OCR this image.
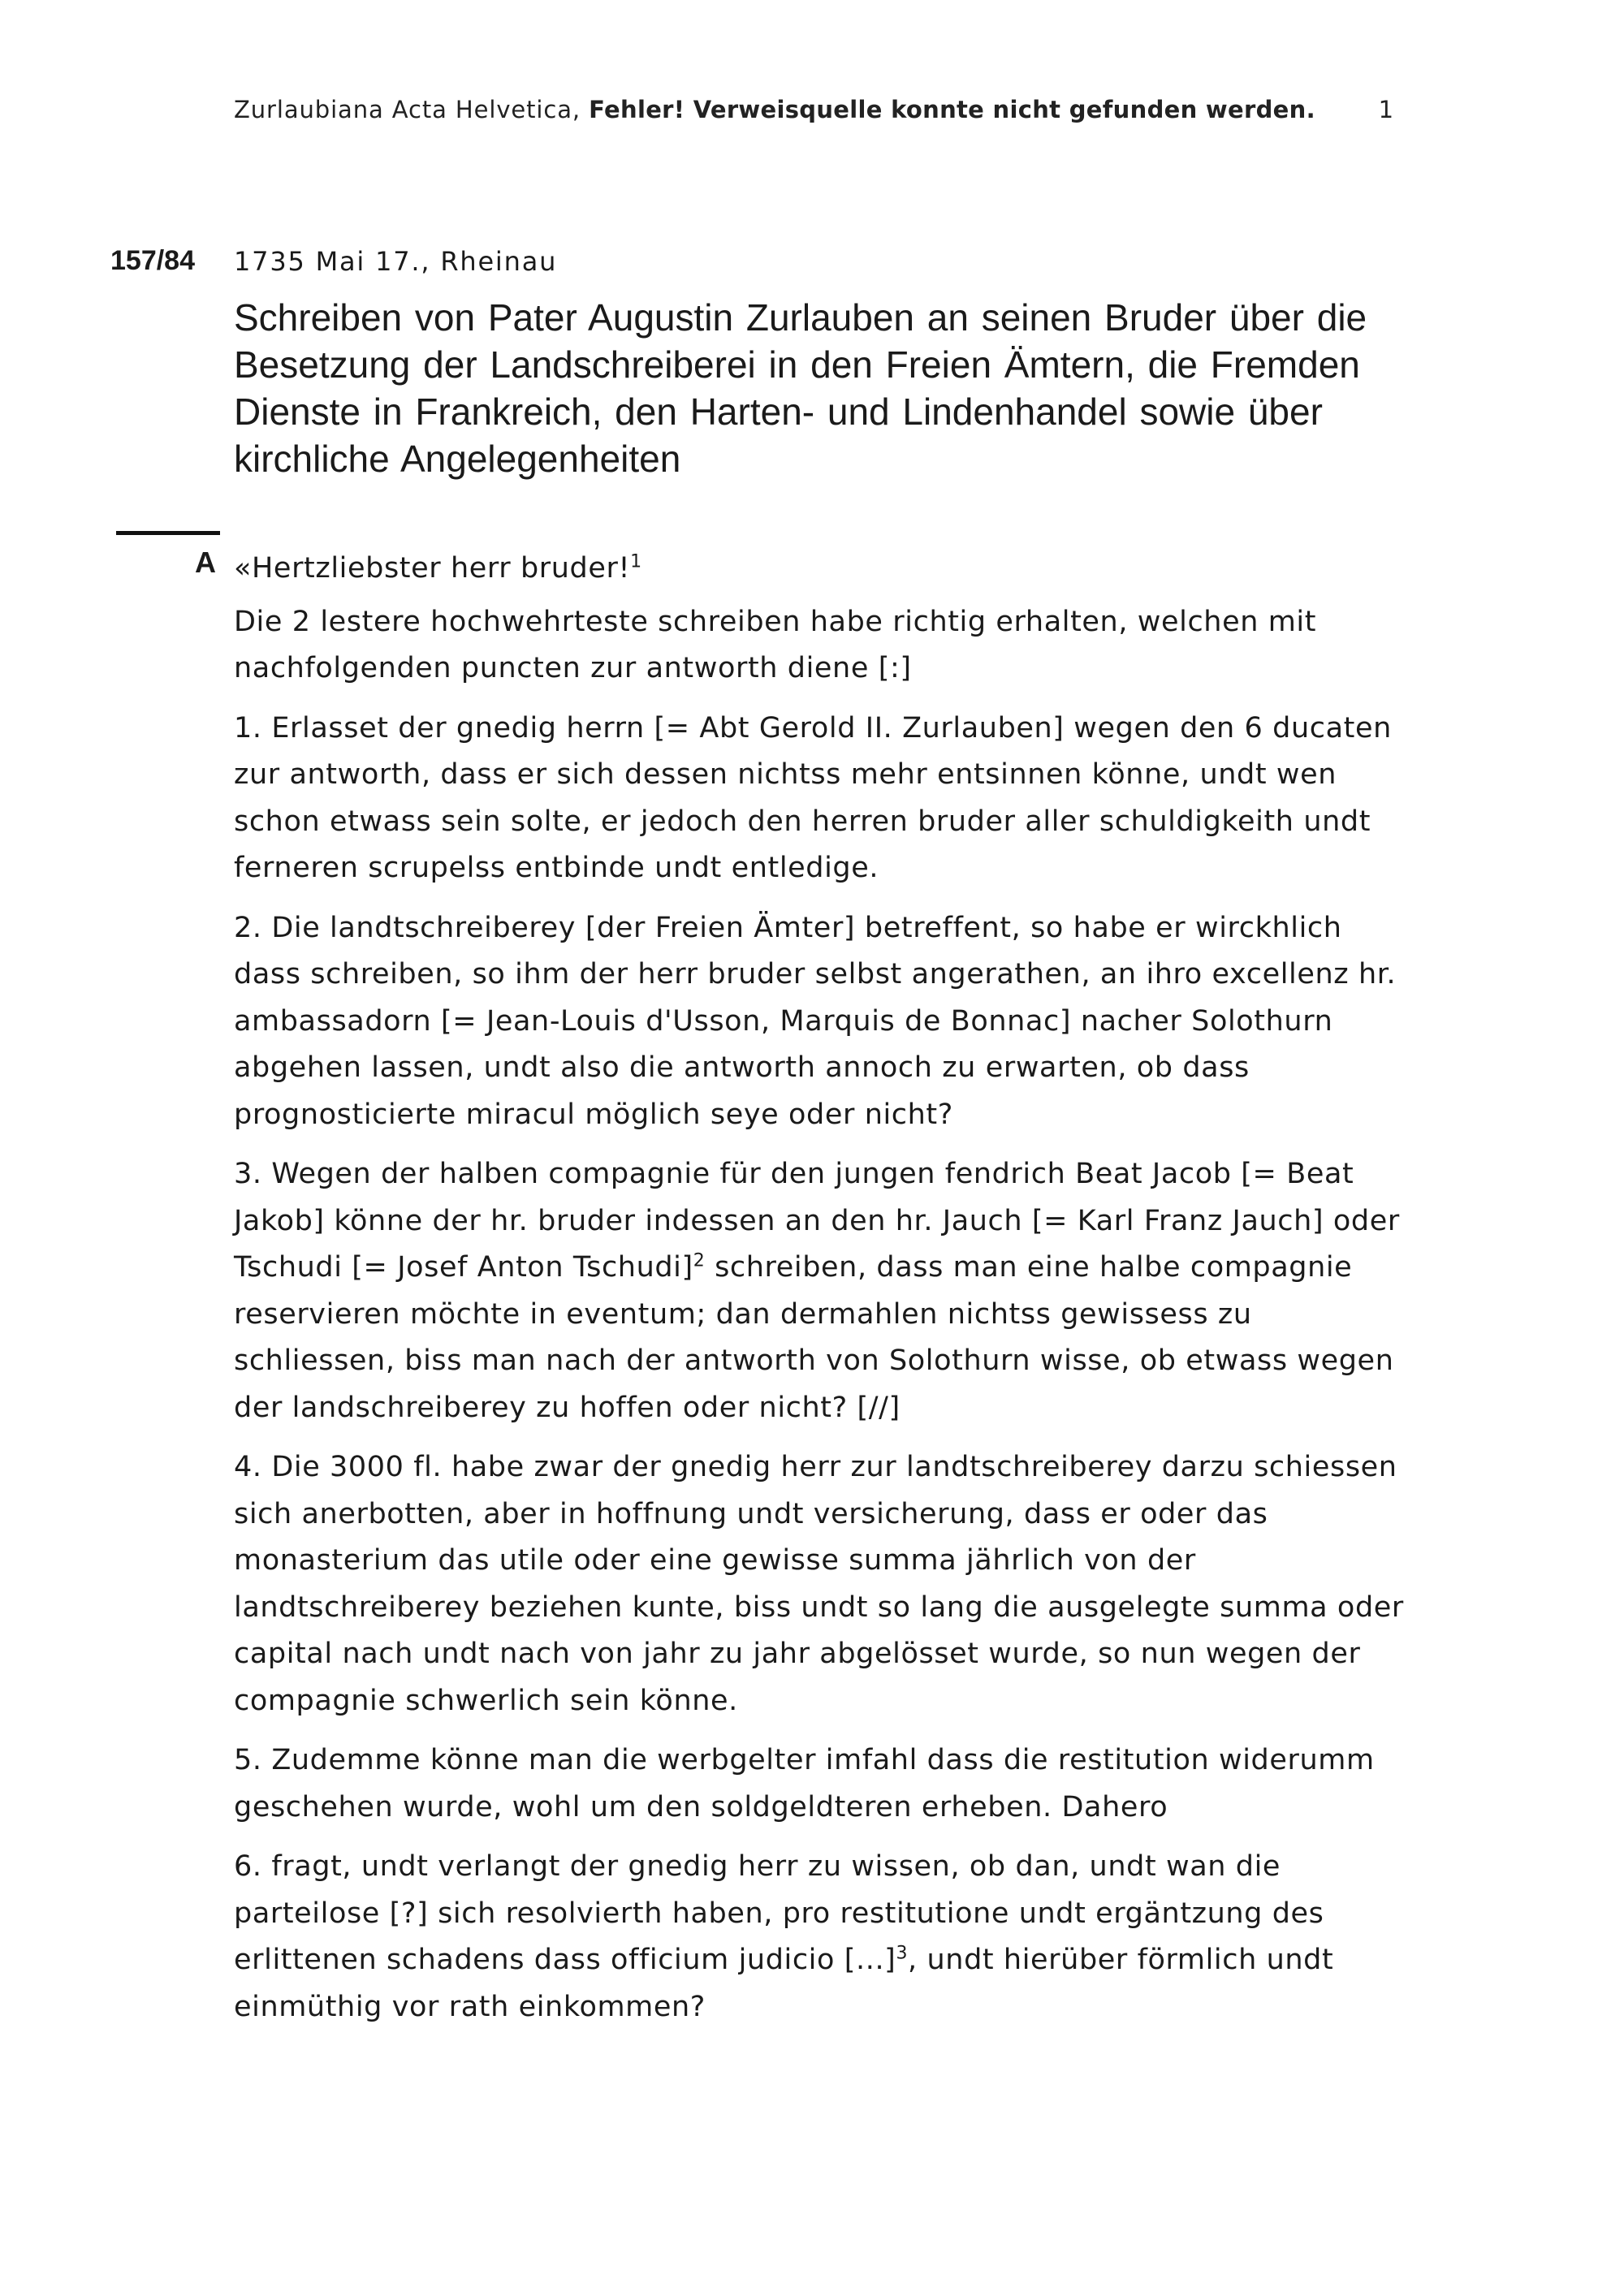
Zurlaubiana Acta Helvetica, Fehler! Verweisquelle konnte nicht gefunden werden.	1
157/84 1735 Mai 17., Rheinau
Schreiben von Pater Augustin Zurlauben an seinen Bruder über die Besetzung der Landschreiberei in den Freien Ämtern, die Fremden Dienste in Frankreich, den Harten- und Lindenhandel sowie über kirchliche Angelegenheiten
A «Hertzliebster herr bruder!$^1$

Die 2 lestere hochwehrteste schreiben habe richtig erhalten, welchen mit nachfolgenden puncten zur antworth diene [:]

1. Erlasset der gnedig herrn [= Abt Gerold II. Zurlauben] wegen den 6 ducaten zur antworth, dass er sich dessen nichtss mehr entsinnen könne, undt wen schon etwass sein solte, er jedoch den herren bruder aller schuldigkeith undt ferneren scrupelss entbinde undt entledige.

2. Die landtschreiberey [der Freien Ämter] betreffent, so habe er wirckhlich dass schreiben, so ihm der herr bruder selbst angerathen, an ihro excellenz hr. ambassadorn [= Jean-Louis d'Usson, Marquis de Bonnac] nacher Solothurn abgehen lassen, undt also die antworth annoch zu erwarten, ob dass prognosticierte miracul möglich seye oder nicht?

3. Wegen der halben compagnie für den jungen fendrich Beat Jacob [= Beat Jakob] könne der hr. bruder indessen an den hr. Jauch [= Karl Franz Jauch] oder Tschudi [= Josef Anton Tschudi]$^2$ schreiben, dass man eine halbe compagnie reservieren möchte in eventum; dan dermahlen nichtss gewissess zu schliessen, biss man nach der antworth von Solothurn wisse, ob etwass wegen der landschreiberey zu hoffen oder nicht? [//]

4. Die 3000 fl. habe zwar der gnedig herr zur landtschreiberey darzu schiessen sich anerbotten, aber in hoffnung undt versicherung, dass er oder das monasterium das utile oder eine gewisse summa jährlich von der landtschreiberey beziehen kunte, biss undt so lang die ausgelegte summa oder capital nach undt nach von jahr zu jahr abgelösset wurde, so nun wegen der compagnie schwerlich sein könne.

5. Zudemme könne man die werbgelter imfahl dass die restitution widerumm geschehen wurde, wohl um den soldgeldteren erheben. Dahero

6. fragt, undt verlangt der gnedig herr zu wissen, ob dan, undt wan die parteilose [?] sich resolvierth haben, pro restitutione undt ergäntzung des erlittenen schadens dass officium judicio [...]$^3$, undt hierüber förmlich undt einmüthig vor rath einkommen?
